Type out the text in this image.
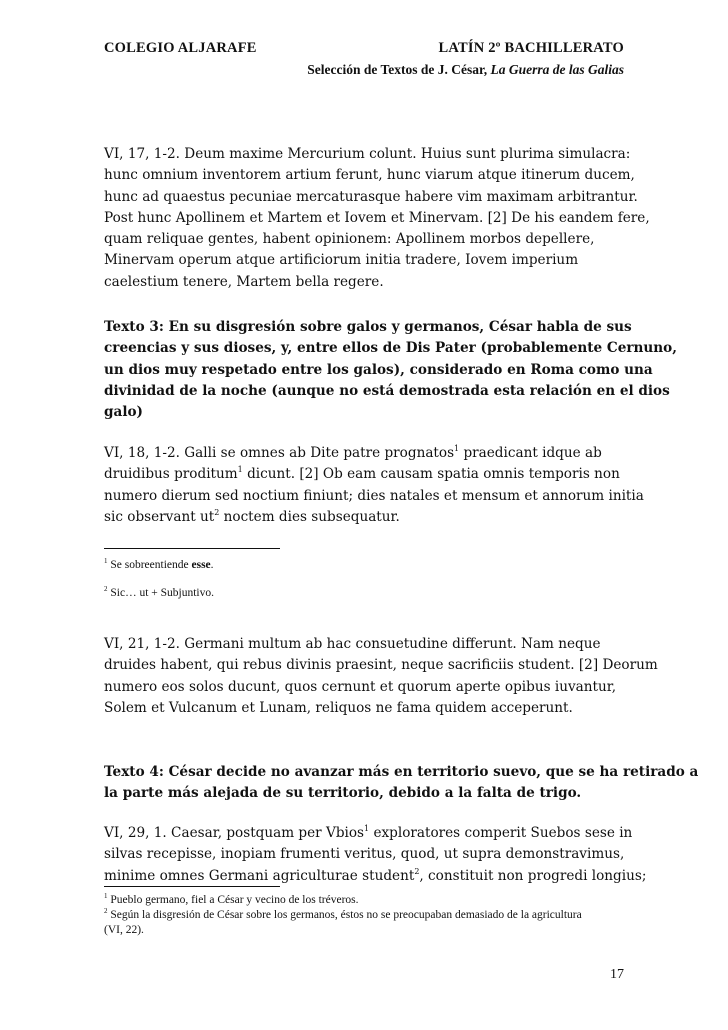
COLEGIO ALJARAFE	LATÍN 2º BACHILLERATO
Selección de Textos de J. César, La Guerra de las Galias
VI, 17, 1-2. Deum maxime Mercurium colunt. Huius sunt plurima simulacra:
hunc omnium inventorem artium ferunt, hunc viarum atque itinerum ducem,
hunc ad quaestus pecuniae mercaturasque habere vim maximam arbitrantur.
Post hunc Apollinem et Martem et Iovem et Minervam. [2] De his eandem fere,
quam reliquae gentes, habent opinionem: Apollinem morbos depellere,
Minervam operum atque artificiorum initia tradere, Iovem imperium
caelestium tenere, Martem bella regere.
Texto 3: En su disgresión sobre galos y germanos, César habla de sus
creencias y sus dioses, y, entre ellos de Dis Pater (probablemente Cernuno,
un dios muy respetado entre los galos), considerado en Roma como una
divinidad de la noche (aunque no está demostrada esta relación en el dios
galo)
VI, 18, 1-2. Galli se omnes ab Dite patre prognatos$^1$ praedicant idque ab
druidibus proditum$^1$ dicunt. [2] Ob eam causam spatia omnis temporis non
numero dierum sed noctium finiunt; dies natales et mensum et annorum initia
sic observant $ut^2$ noctem dies subsequatur.
$^1$ Se sobreentiende esse.
$^2$ Sic… ut + Subjuntivo.
VI, 21, 1-2. Germani multum ab hac consuetudine differunt. Nam neque
druides habent, qui rebus divinis praesint, neque sacrificiis student. [2] Deorum
numero eos solos ducunt, quos cernunt et quorum aperte opibus iuvantur,
Solem et Vulcanum et Lunam, reliquos ne fama quidem acceperunt.
Texto 4: César decide no avanzar más en territorio suevo, que se ha retirado a
la parte más alejada de su territorio, debido a la falta de trigo.
VI, 29, 1. Caesar, postquam per Vbios$^1$ exploratores comperit Suebos sese in
silvas recepisse, inopiam frumenti veritus, quod, ut supra demonstravimus,
minime omnes Germani agriculturae student$^2$, constituit non progredi longius;
$^1$ Pueblo germano, fiel a César y vecino de los tréveros.
$^2$ Según la disgresión de César sobre los germanos, éstos no se preocupaban demasiado de la agricultura
(VI, 22).
17
